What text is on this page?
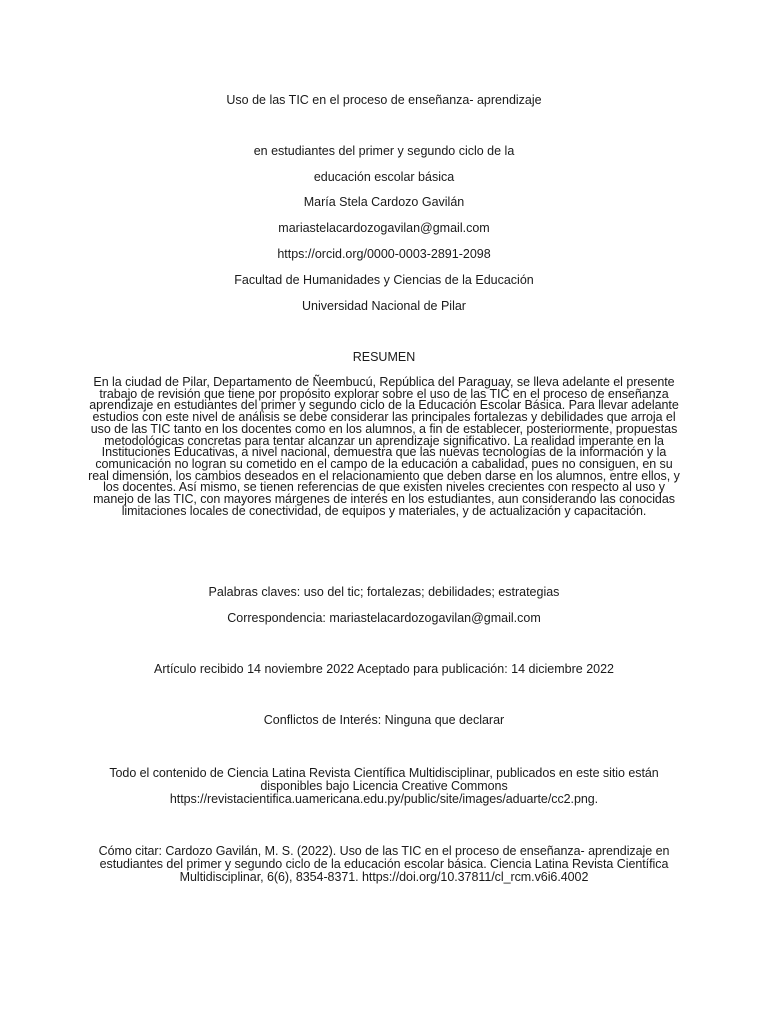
Uso de las TIC en el proceso de enseñanza- aprendizaje
en estudiantes del primer y segundo ciclo de la
educación escolar básica
María Stela Cardozo Gavilán
mariastelacardozogavilan@gmail.com
https://orcid.org/0000-0003-2891-2098
Facultad de Humanidades y Ciencias de la Educación
Universidad Nacional de Pilar
RESUMEN
En la ciudad de Pilar, Departamento de Ñeembucú, República del Paraguay, se lleva adelante el presente trabajo de revisión que tiene por propósito explorar sobre el uso de las TIC en el proceso de enseñanza aprendizaje en estudiantes del primer y segundo ciclo de la Educación Escolar Básica. Para llevar adelante estudios con este nivel de análisis se debe considerar las principales fortalezas y debilidades que arroja el uso de las TIC tanto en los docentes como en los alumnos, a fin de establecer, posteriormente, propuestas metodológicas concretas para tentar alcanzar un aprendizaje significativo. La realidad imperante en la Instituciones Educativas, a nivel nacional, demuestra que las nuevas tecnologías de la información y la comunicación no logran su cometido en el campo de la educación a cabalidad, pues no consiguen, en su real dimensión, los cambios deseados en el relacionamiento que deben darse en los alumnos, entre ellos, y los docentes. Así mismo, se tienen referencias de que existen niveles crecientes con respecto al uso y manejo de las TIC, con mayores márgenes de interés en los estudiantes, aun considerando las conocidas limitaciones locales de conectividad, de equipos y materiales, y de actualización y capacitación.
Palabras claves: uso del tic; fortalezas; debilidades; estrategias
Correspondencia: mariastelacardozogavilan@gmail.com
Artículo recibido 14 noviembre 2022 Aceptado para publicación: 14 diciembre 2022
Conflictos de Interés: Ninguna que declarar
Todo el contenido de Ciencia Latina Revista Científica Multidisciplinar, publicados en este sitio están disponibles bajo Licencia Creative Commons https://revistacientifica.uamericana.edu.py/public/site/images/aduarte/cc2.png.
Cómo citar: Cardozo Gavilán, M. S. (2022). Uso de las TIC en el proceso de enseñanza- aprendizaje en estudiantes del primer y segundo ciclo de la educación escolar básica. Ciencia Latina Revista Científica Multidisciplinar, 6(6), 8354-8371. https://doi.org/10.37811/cl_rcm.v6i6.4002
